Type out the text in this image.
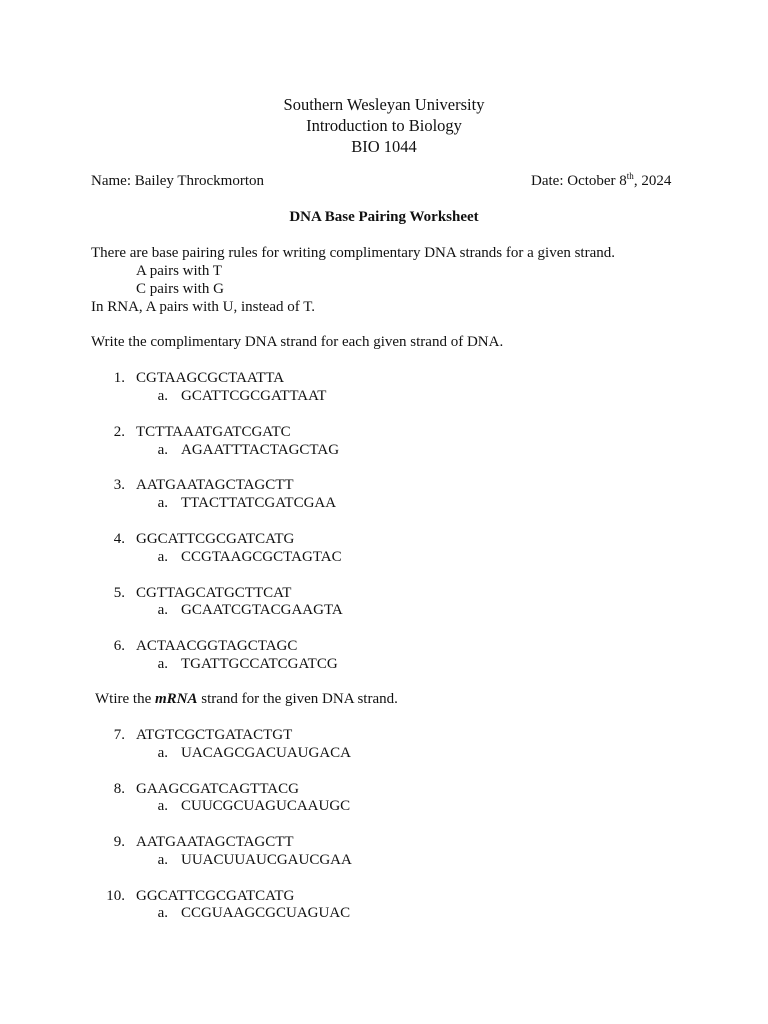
Southern Wesleyan University
Introduction to Biology
BIO 1044
Name: Bailey Throckmorton	Date: October 8th, 2024
DNA Base Pairing Worksheet
There are base pairing rules for writing complimentary DNA strands for a given strand.
A pairs with T
C pairs with G
In RNA, A pairs with U, instead of T.
Write the complimentary DNA strand for each given strand of DNA.
1. CGTAAGCGCTAATTA
a. GCATTCGCGATTAAT
2. TCTTAAATGATCGATC
a. AGAATTTACTAGCTAG
3. AATGAATAGCTAGCTT
a. TTACTTATCGATCGAA
4. GGCATTCGCGATCATG
a. CCGTAAGCGCTAGTAC
5. CGTTAGCATGCTTCAT
a. GCAATCGTACGAAGTA
6. ACTAACGGTAGCTAGC
a. TGATTGCCATCGATCG
Wtire the mRNA strand for the given DNA strand.
7. ATGTCGCTGATACTGT
a. UACAGCGACUAUGACA
8. GAAGCGATCAGTTACG
a. CUUCGCUAGUCAAUGC
9. AATGAATAGCTAGCTT
a. UUACUUAUCGAUCGAA
10. GGCATTCGCGATCATG
a. CCGUAAGCGCUAGUAC
